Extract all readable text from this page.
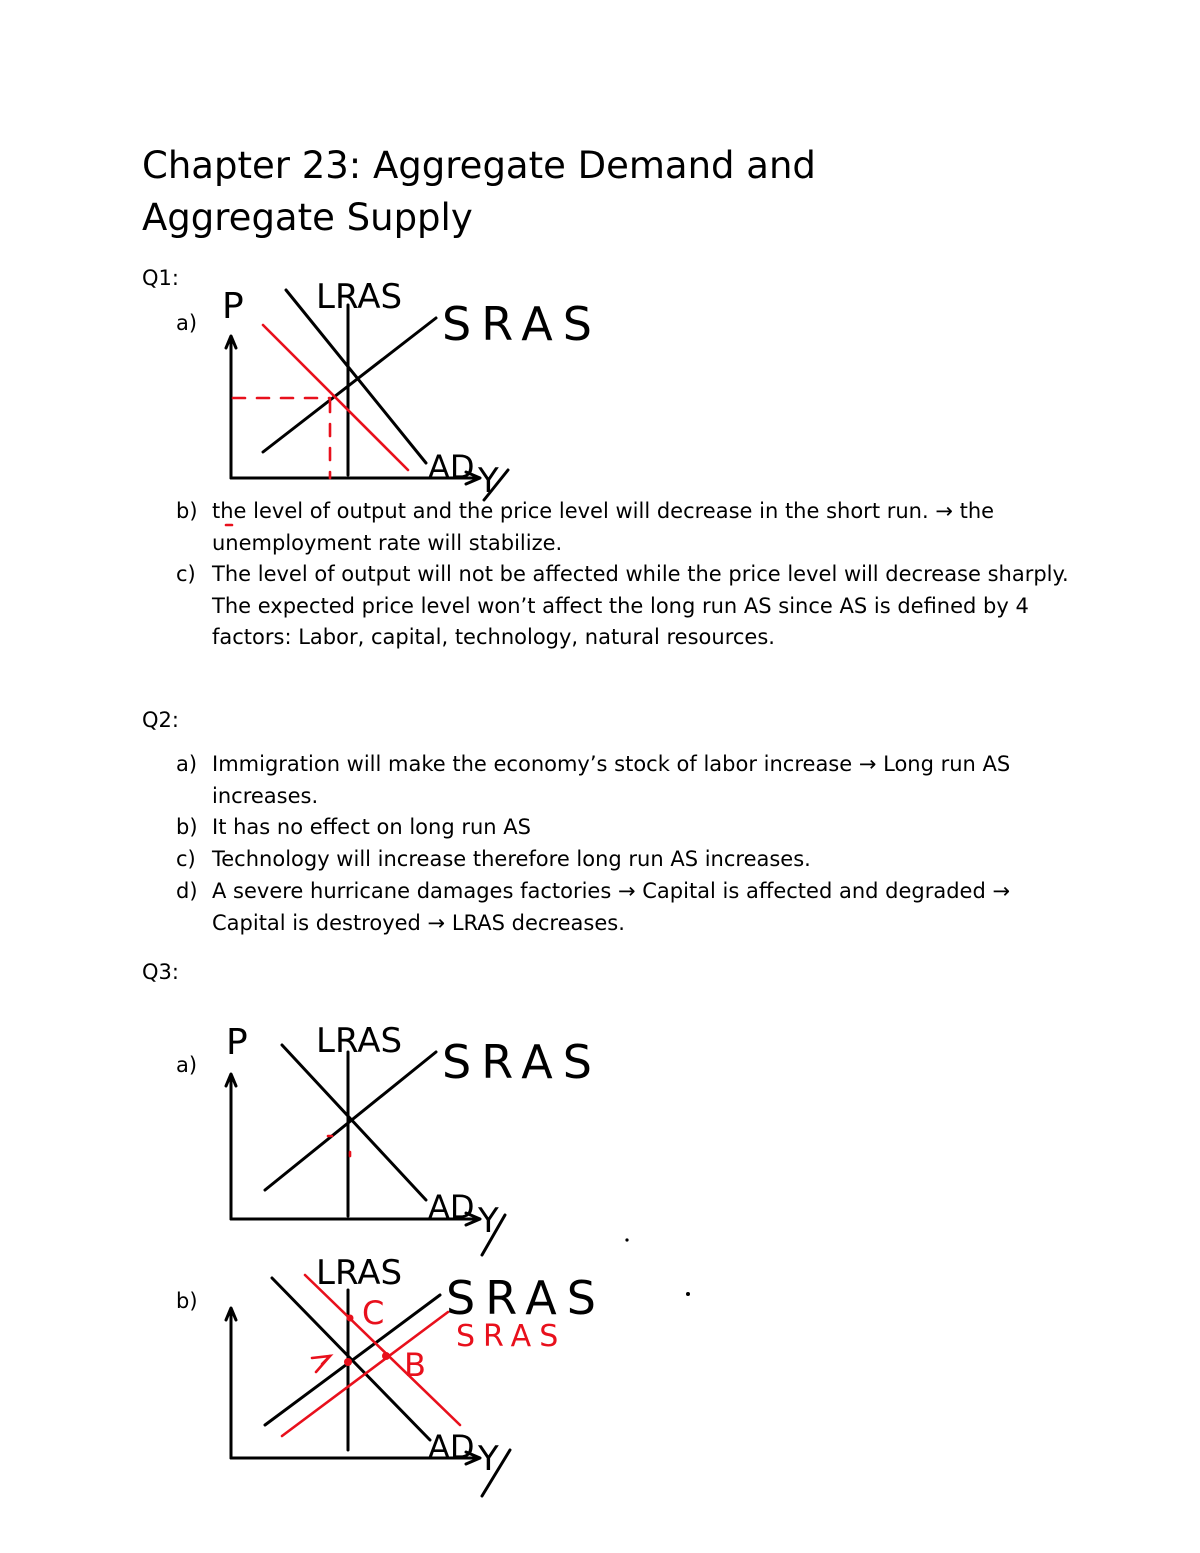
Chapter 23: Aggregate Demand and
Aggregate Supply
Q1:
a)
b) the level of output and the price level will decrease in the short run. → the unemployment rate will stabilize.
c) The level of output will not be affected while the price level will decrease sharply. The expected price level won’t affect the long run AS since AS is defined by 4 factors: Labor, capital, technology, natural resources.
Q2:
a) Immigration will make the economy’s stock of labor increase → Long run AS increases.
b) It has no effect on long run AS
c) Technology will increase therefore long run AS increases.
d) A severe hurricane damages factories → Capital is affected and degraded → Capital is destroyed → LRAS decreases.
Q3:
a)
b)
P LRAS SRAS
AD Y
P LRAS SRAS
AD Y
LRAS SRAS
SRAS
C
B
AD Y
